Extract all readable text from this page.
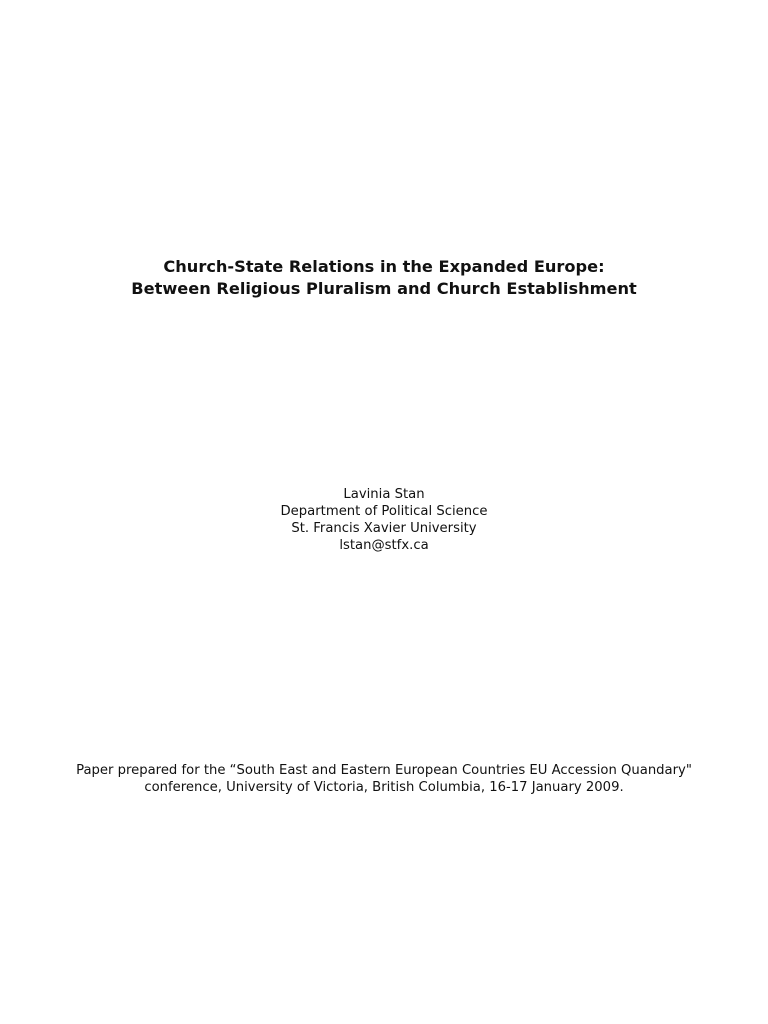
Church-State Relations in the Expanded Europe:
Between Religious Pluralism and Church Establishment
Lavinia Stan
Department of Political Science
St. Francis Xavier University
lstan@stfx.ca
Paper prepared for the “South East and Eastern European Countries EU Accession Quandary"
conference, University of Victoria, British Columbia, 16-17 January 2009.
